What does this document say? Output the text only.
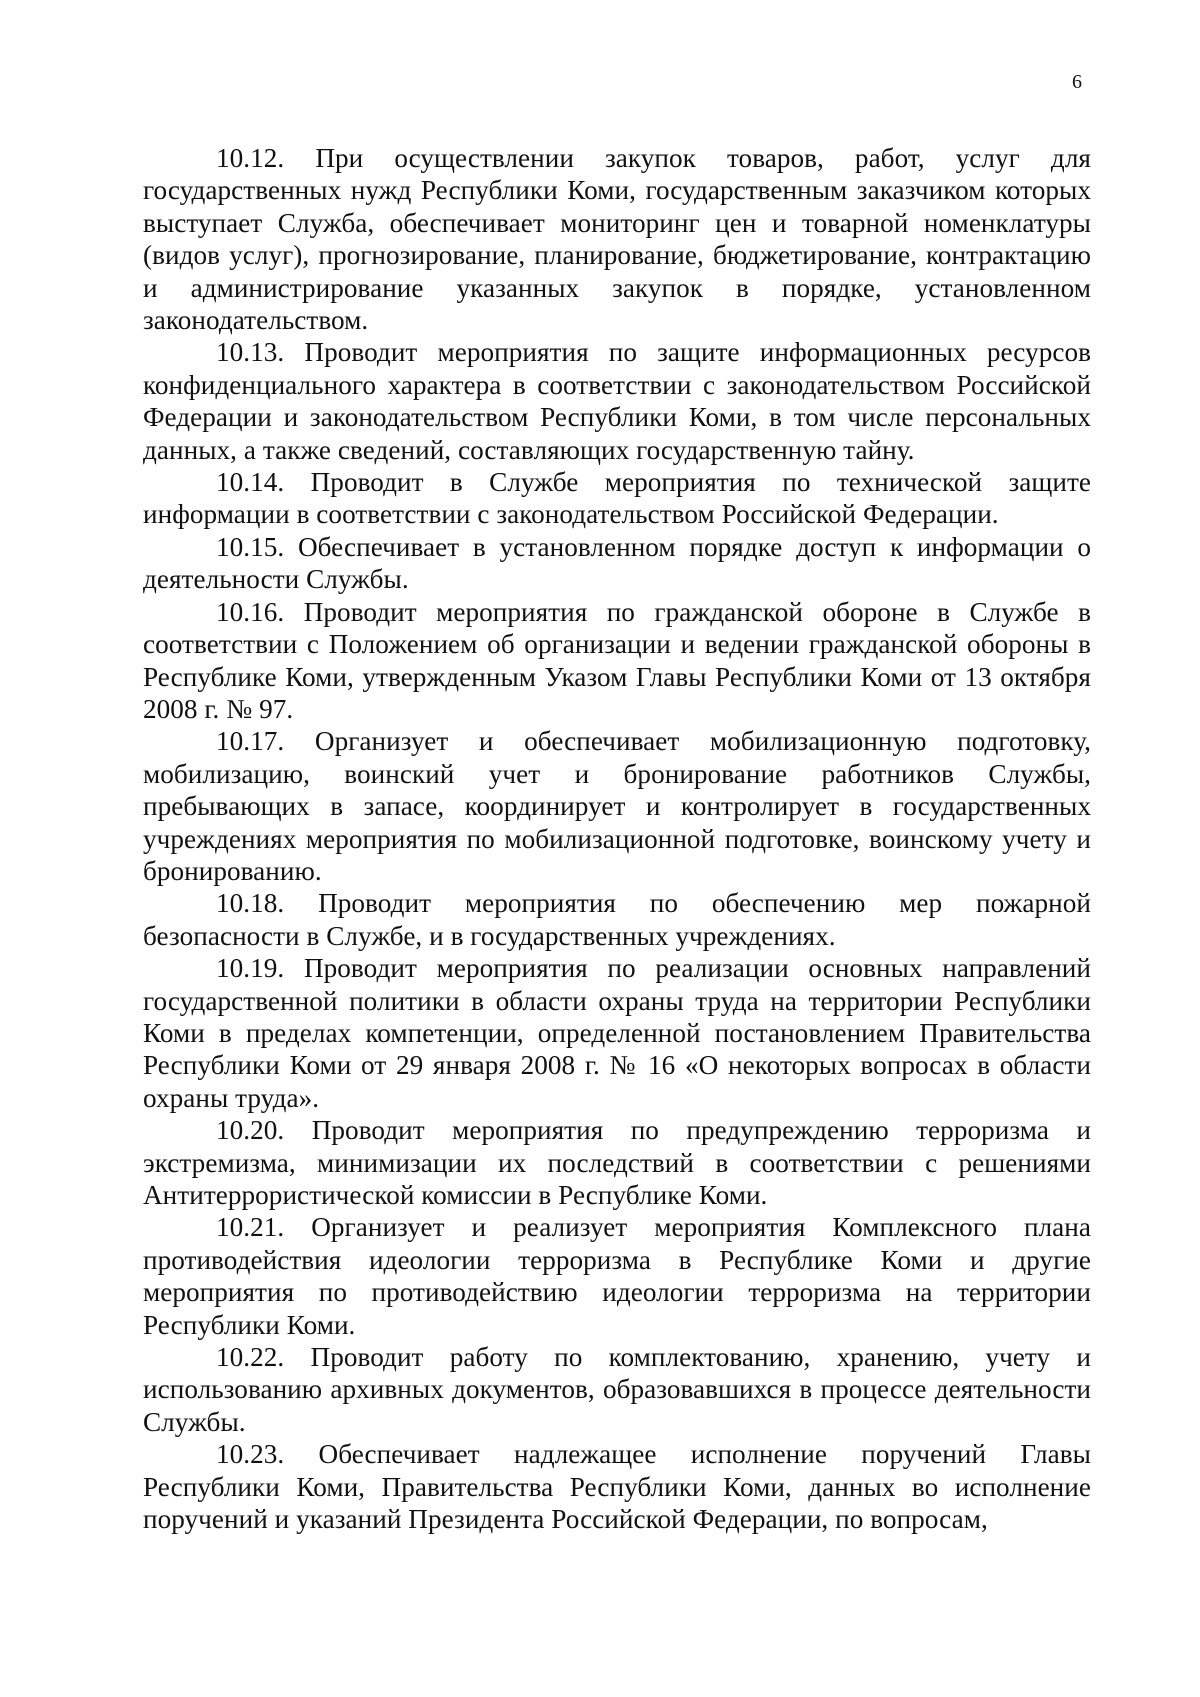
6

10.12. При осуществлении закупок товаров, работ, услуг для государственных нужд Республики Коми, государственным заказчиком которых выступает Служба, обеспечивает мониторинг цен и товарной номенклатуры (видов услуг), прогнозирование, планирование, бюджетирование, контрактацию и администрирование указанных закупок в порядке, установленном законодательством.

10.13. Проводит мероприятия по защите информационных ресурсов конфиденциального характера в соответствии с законодательством Российской Федерации и законодательством Республики Коми, в том числе персональных данных, а также сведений, составляющих государственную тайну.

10.14. Проводит в Службе мероприятия по технической защите информации в соответствии с законодательством Российской Федерации.

10.15. Обеспечивает в установленном порядке доступ к информации о деятельности Службы.

10.16. Проводит мероприятия по гражданской обороне в Службе в соответствии с Положением об организации и ведении гражданской обороны в Республике Коми, утвержденным Указом Главы Республики Коми от 13 октября 2008 г. № 97.

10.17. Организует и обеспечивает мобилизационную подготовку, мобилизацию, воинский учет и бронирование работников Службы, пребывающих в запасе, координирует и контролирует в государственных учреждениях мероприятия по мобилизационной подготовке, воинскому учету и бронированию.

10.18. Проводит мероприятия по обеспечению мер пожарной безопасности в Службе, и в государственных учреждениях.

10.19. Проводит мероприятия по реализации основных направлений государственной политики в области охраны труда на территории Республики Коми в пределах компетенции, определенной постановлением Правительства Республики Коми от 29 января 2008 г. № 16 «О некоторых вопросах в области охраны труда».

10.20. Проводит мероприятия по предупреждению терроризма и экстремизма, минимизации их последствий в соответствии с решениями Антитеррористической комиссии в Республике Коми.

10.21. Организует и реализует мероприятия Комплексного плана противодействия идеологии терроризма в Республике Коми и другие мероприятия по противодействию идеологии терроризма на территории Республики Коми.

10.22. Проводит работу по комплектованию, хранению, учету и использованию архивных документов, образовавшихся в процессе деятельности Службы.

10.23. Обеспечивает надлежащее исполнение поручений Главы Республики Коми, Правительства Республики Коми, данных во исполнение поручений и указаний Президента Российской Федерации, по вопросам,
